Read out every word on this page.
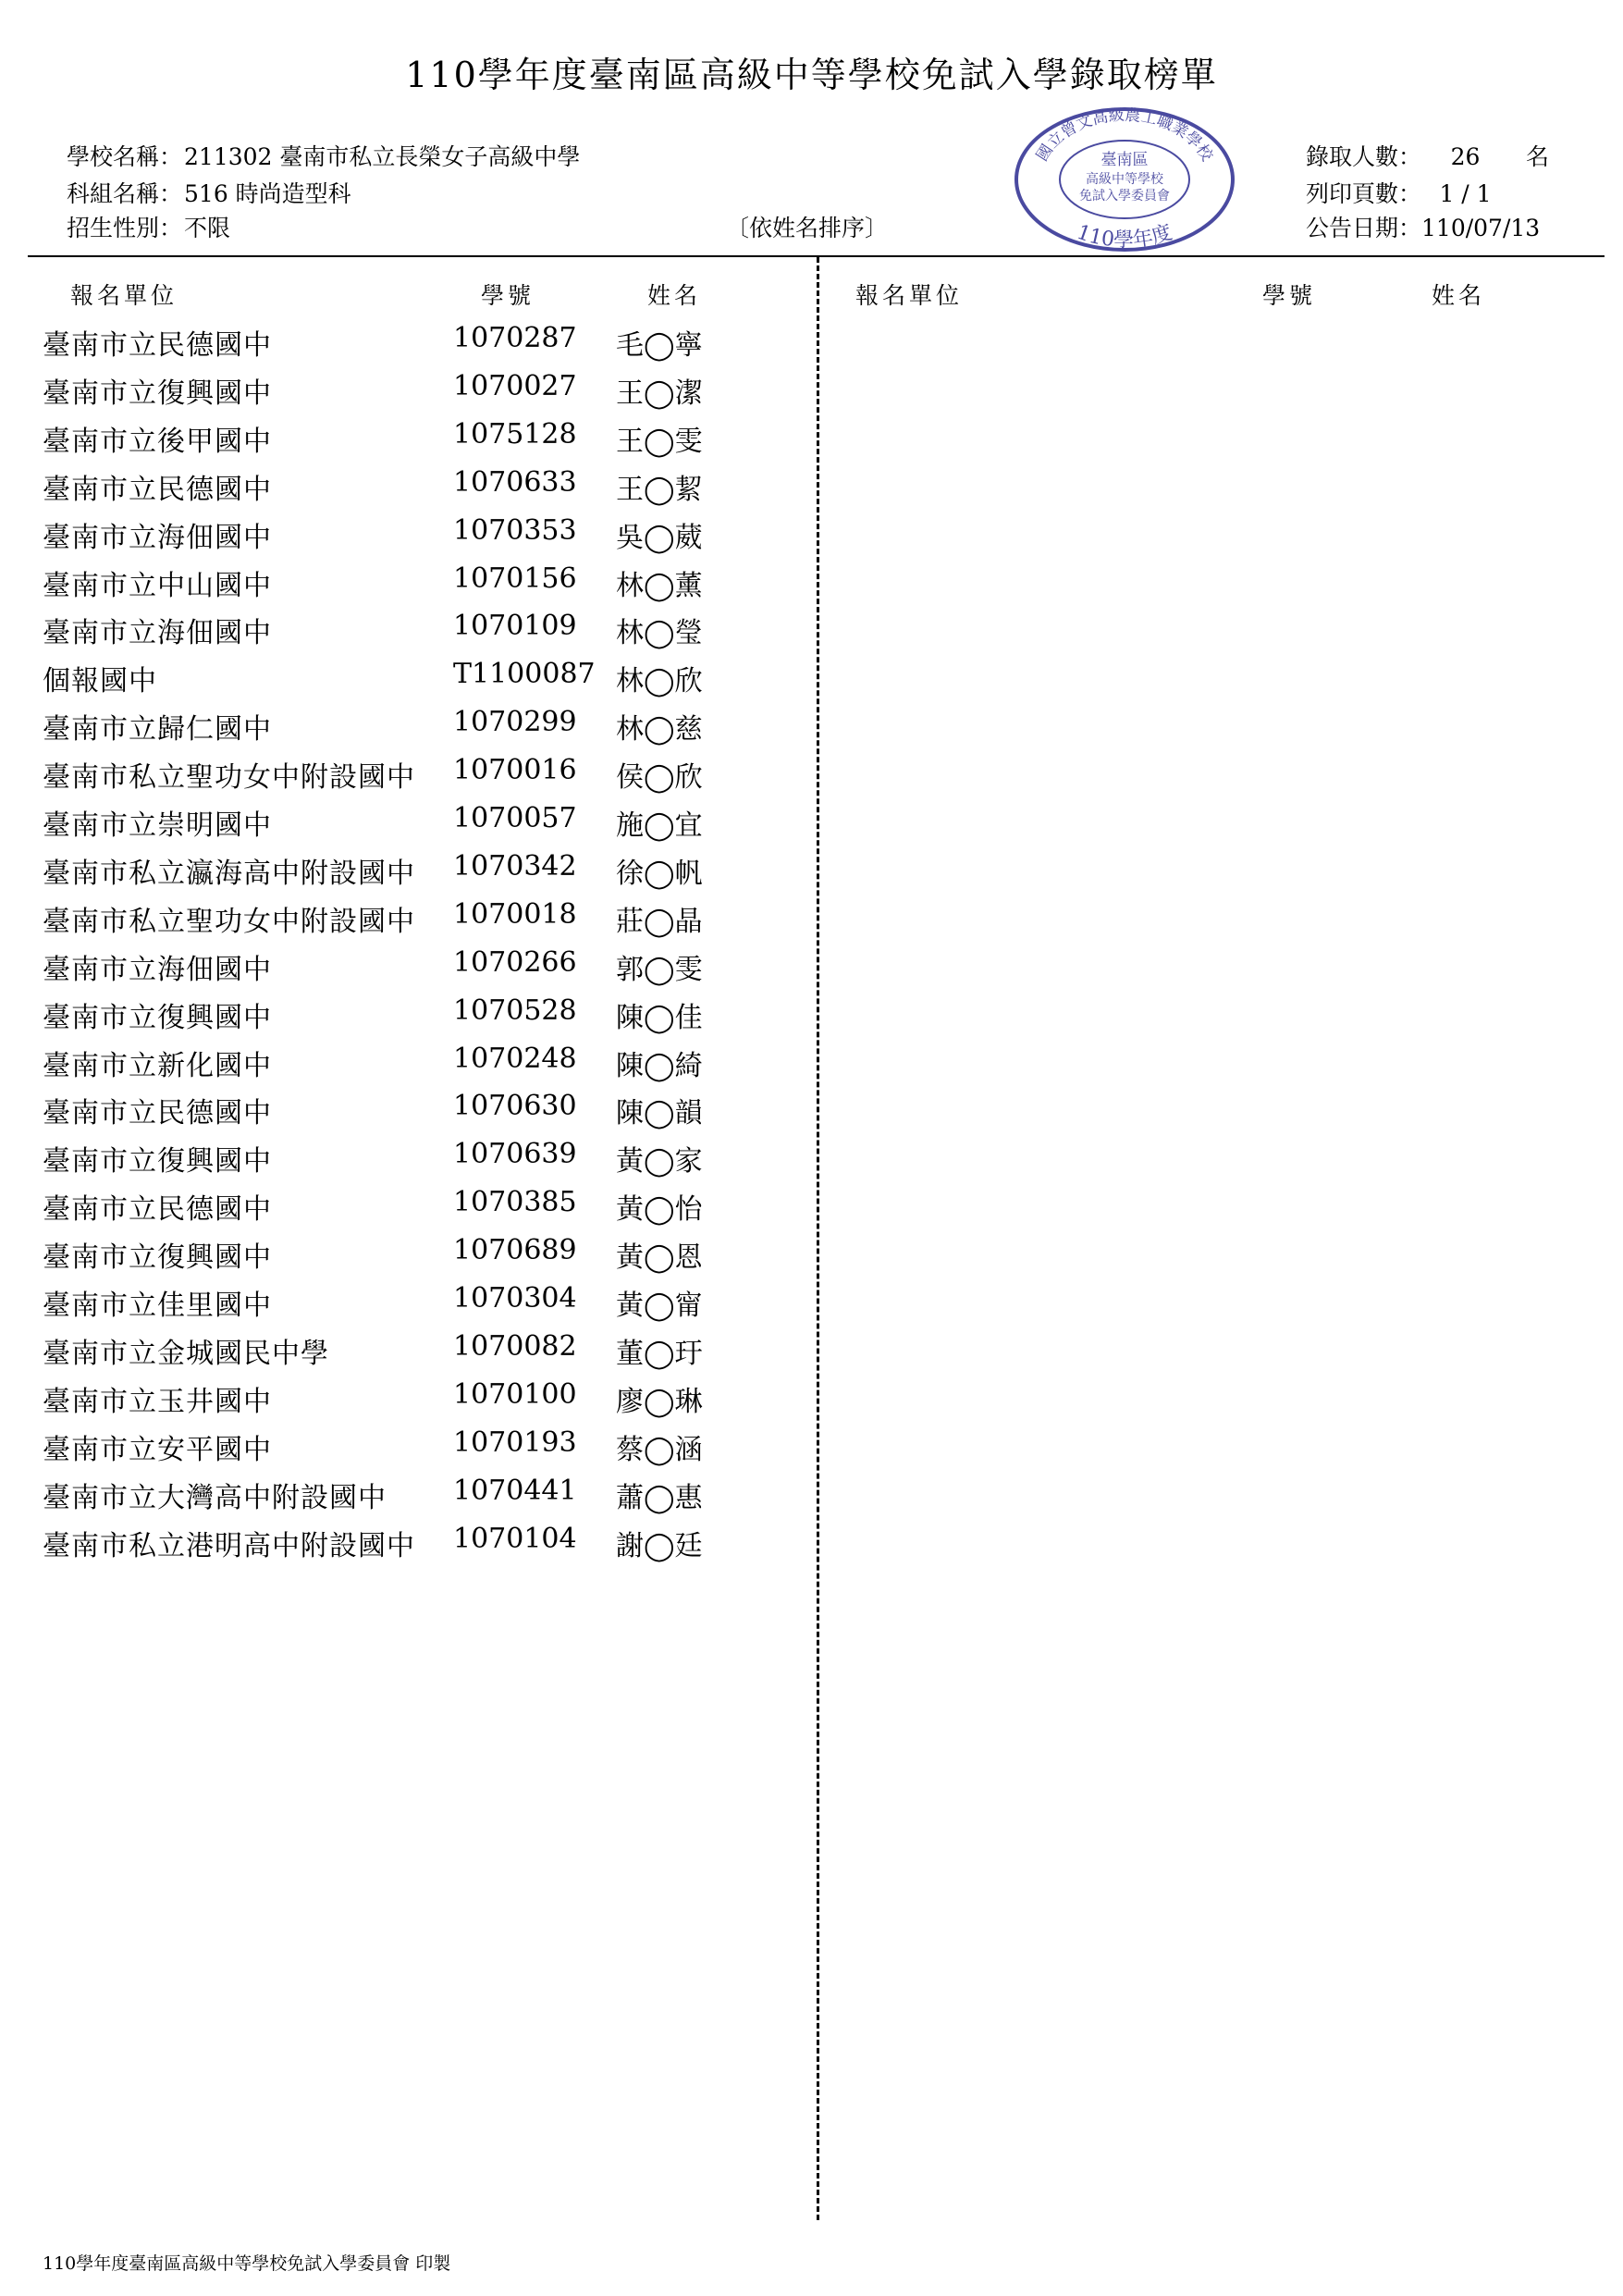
110學年度臺南區高級中等學校免試入學錄取榜單
學校名稱：211302 臺南市私立長榮女子高級中學
科組名稱：516 時尚造型科
招生性別：不限	〔依姓名排序〕
錄取人數： 26 名
列印頁數： 1 / 1
公告日期：110/07/13
國立曾文高級農工職業學校
臺南區
高級中等學校
免試入學委員會
110學年度
報名單位	學號	姓名	報名單位	學號	姓名
臺南市立民德國中	1070287 毛◯寧
臺南市立復興國中	1070027 王◯潔
臺南市立後甲國中	1075128 王◯雯
臺南市立民德國中	1070633 王◯絜
臺南市立海佃國中	1070353 吳◯葳
臺南市立中山國中	1070156 林◯薰
臺南市立海佃國中	1070109 林◯瑩
個報國中	T1100087 林◯欣
臺南市立歸仁國中	1070299 林◯慈
臺南市私立聖功女中附設國中 1070016 侯◯欣
臺南市立崇明國中	1070057 施◯宜
臺南市私立瀛海高中附設國中 1070342 徐◯帆
臺南市私立聖功女中附設國中 1070018 莊◯晶
臺南市立海佃國中	1070266 郭◯雯
臺南市立復興國中	1070528 陳◯佳
臺南市立新化國中	1070248 陳◯綺
臺南市立民德國中	1070630 陳◯韻
臺南市立復興國中	1070639 黃◯家
臺南市立民德國中	1070385 黃◯怡
臺南市立復興國中	1070689 黃◯恩
臺南市立佳里國中	1070304 黃◯甯
臺南市立金城國民中學	1070082 董◯玗
臺南市立玉井國中	1070100 廖◯琳
臺南市立安平國中	1070193 蔡◯涵
臺南市立大灣高中附設國中 1070441 蕭◯惠
臺南市私立港明高中附設國中 1070104 謝◯廷
110學年度臺南區高級中等學校免試入學委員會 印製
